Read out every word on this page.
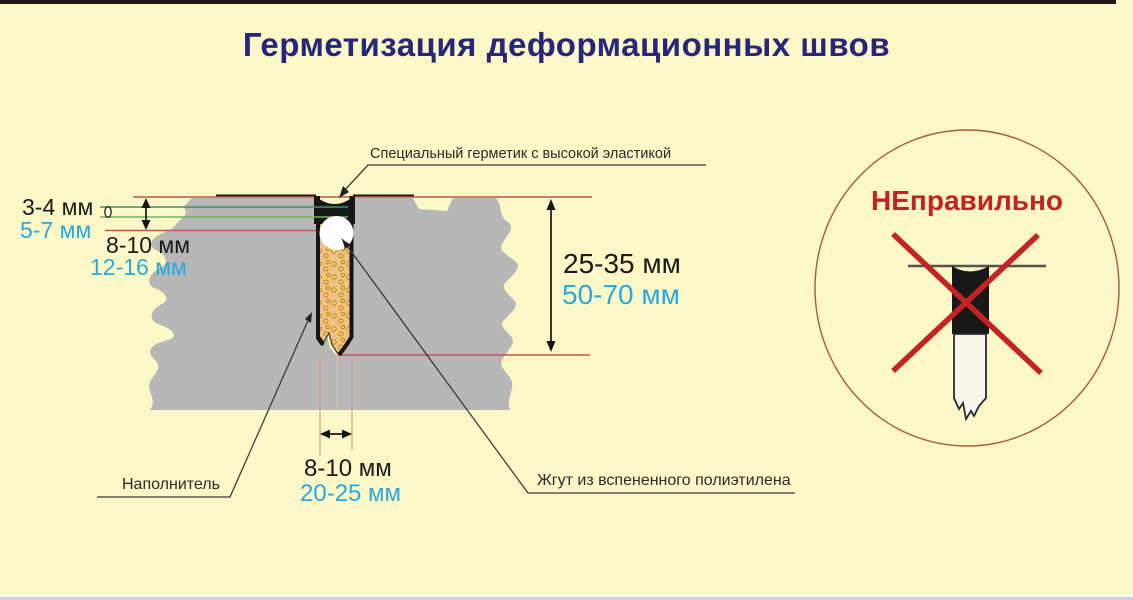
Герметизация деформационных швов
3-4 мм
5-7 мм
8-10 мм
12-16 мм	25-35 мм
50-70 мм
8-10 мм
20-25 мм
Специальный герметик с высокой эластикой
Наполнитель	Жгут из вспененного полиэтилена
НЕправильно
